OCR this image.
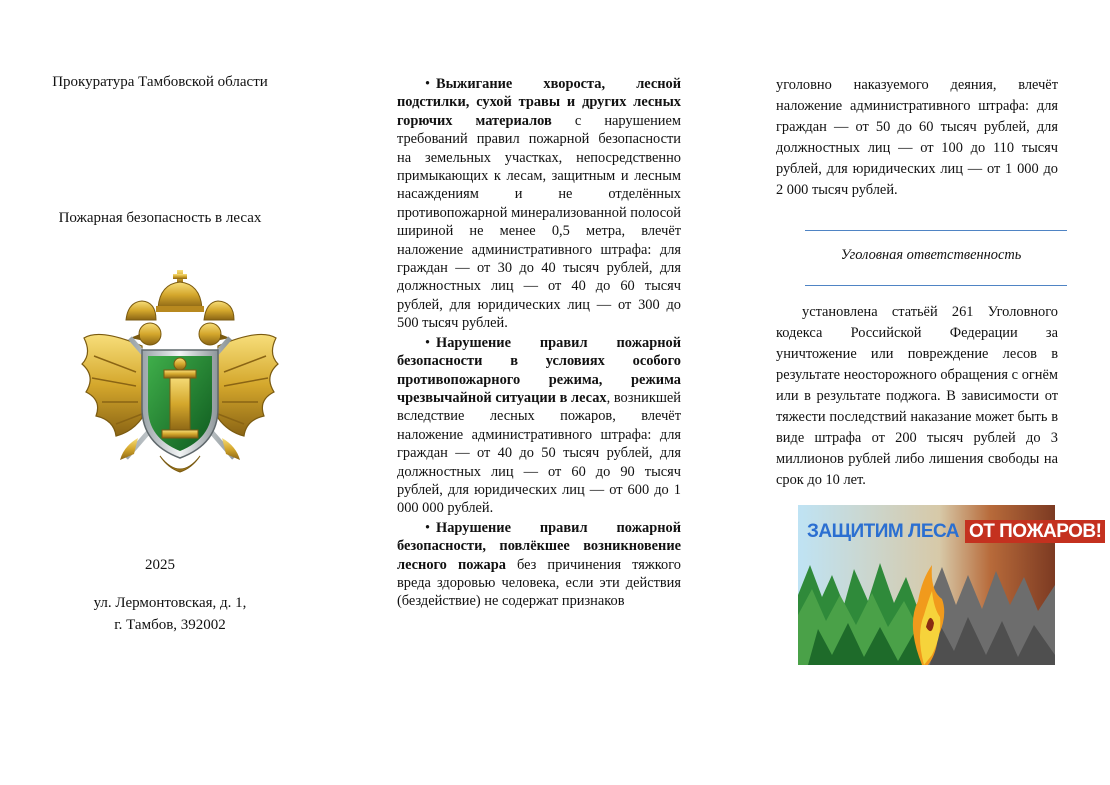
Прокуратура Тамбовской области
Пожарная безопасность в лесах
2025
ул. Лермонтовская, д. 1,
г. Тамбов, 392002
• Выжигание хвороста, лесной подстилки, сухой травы и других лесных горючих материалов с нарушением требований правил пожарной безопасности на земельных участках, непосредственно примыкающих к лесам, защитным и лесным насаждениям и не отделённых противопожарной минерализованной полосой шириной не менее 0,5 метра, влечёт наложение административного штрафа: для граждан — от 30 до 40 тысяч рублей, для должностных лиц — от 40 до 60 тысяч рублей, для юридических лиц — от 300 до 500 тысяч рублей.
• Нарушение правил пожарной безопасности в условиях особого противопожарного режима, режима чрезвычайной ситуации в лесах, возникшей вследствие лесных пожаров, влечёт наложение административного штрафа: для граждан — от 40 до 50 тысяч рублей, для должностных лиц — от 60 до 90 тысяч рублей, для юридических лиц — от 600 до 1 000 000 рублей.
• Нарушение правил пожарной безопасности, повлёкшее возникновение лесного пожара без причинения тяжкого вреда здоровью человека, если эти действия (бездействие) не содержат признаков
уголовно наказуемого деяния, влечёт наложение административного штрафа: для граждан — от 50 до 60 тысяч рублей, для должностных лиц — от 100 до 110 тысяч рублей, для юридических лиц — от 1 000 до 2 000 тысяч рублей.
Уголовная ответственность
установлена статьёй 261 Уголовного кодекса Российской Федерации за уничтожение или повреждение лесов в результате неосторожного обращения с огнём или в результате поджога. В зависимости от тяжести последствий наказание может быть в виде штрафа от 200 тысяч рублей до 3 миллионов рублей либо лишения свободы на срок до 10 лет.
ЗАЩИТИМ ЛЕСА ОТ ПОЖАРОВ!
